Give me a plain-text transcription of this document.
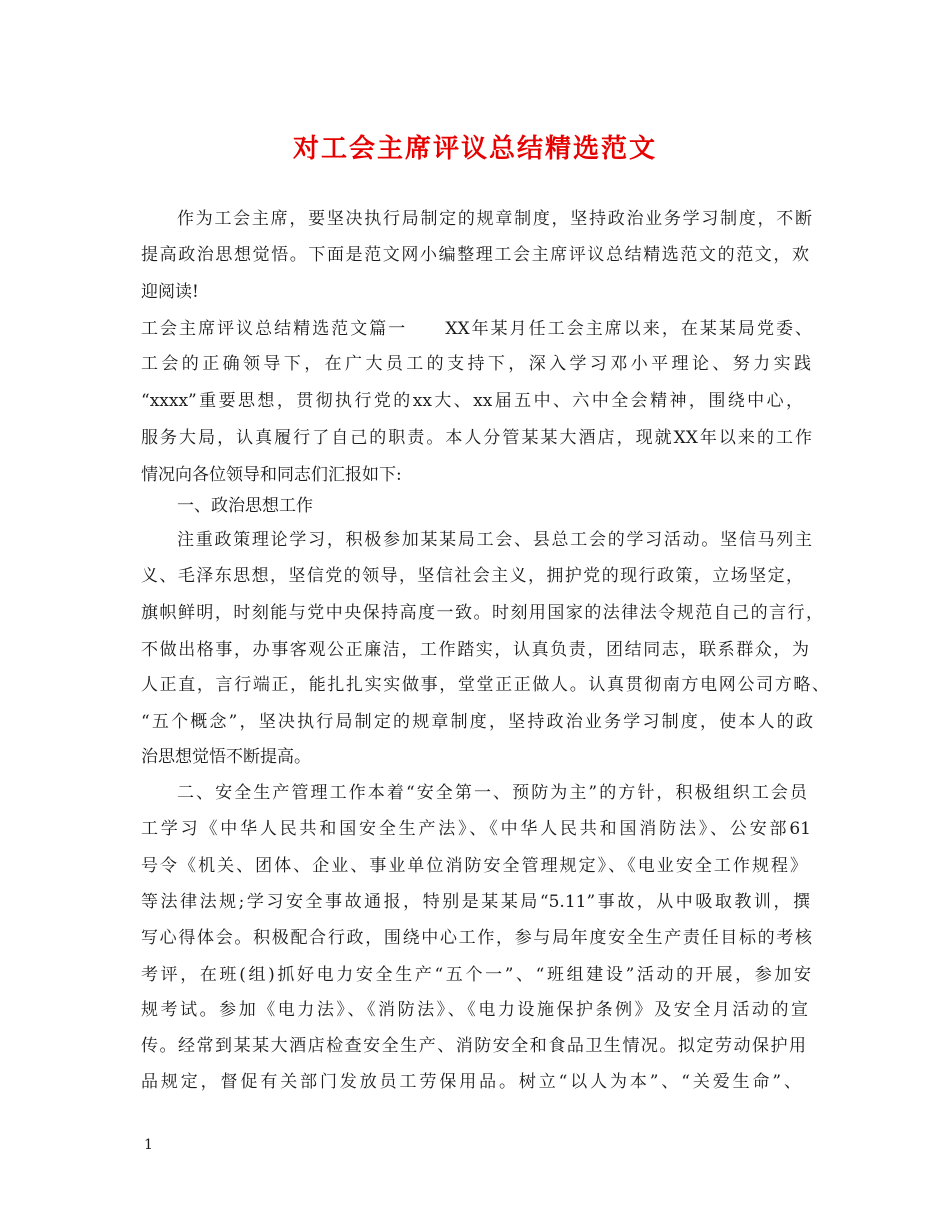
对工会主席评议总结精选范文
作为工会主席，要坚决执行局制定的规章制度，坚持政治业务学习制度，不断
提高政治思想觉悟。下面是范文网小编整理工会主席评议总结精选范文的范文，欢
迎阅读!
工会主席评议总结精选范文篇一　　XX年某月任工会主席以来，在某某局党委、
工会的正确领导下，在广大员工的支持下，深入学习邓小平理论、努力实践
“xxxx”重要思想，贯彻执行党的xx大、xx届五中、六中全会精神，围绕中心，
服务大局，认真履行了自己的职责。本人分管某某大酒店，现就XX年以来的工作
情况向各位领导和同志们汇报如下:
一、政治思想工作
注重政策理论学习，积极参加某某局工会、县总工会的学习活动。坚信马列主
义、毛泽东思想，坚信党的领导，坚信社会主义，拥护党的现行政策，立场坚定，
旗帜鲜明，时刻能与党中央保持高度一致。时刻用国家的法律法令规范自己的言行，
不做出格事，办事客观公正廉洁，工作踏实，认真负责，团结同志，联系群众，为
人正直，言行端正，能扎扎实实做事，堂堂正正做人。认真贯彻南方电网公司方略、
“五个概念”，坚决执行局制定的规章制度，坚持政治业务学习制度，使本人的政
治思想觉悟不断提高。
二、安全生产管理工作本着“安全第一、预防为主”的方针，积极组织工会员
工学习《中华人民共和国安全生产法》、《中华人民共和国消防法》、公安部61
号令《机关、团体、企业、事业单位消防安全管理规定》、《电业安全工作规程》
等法律法规;学习安全事故通报，特别是某某局“5.11”事故，从中吸取教训，撰
写心得体会。积极配合行政，围绕中心工作，参与局年度安全生产责任目标的考核
考评，在班(组)抓好电力安全生产“五个一”、“班组建设”活动的开展，参加安
规考试。参加《电力法》、《消防法》、《电力设施保护条例》及安全月活动的宣
传。经常到某某大酒店检查安全生产、消防安全和食品卫生情况。拟定劳动保护用
品规定，督促有关部门发放员工劳保用品。树立“以人为本”、“关爱生命”、
1
